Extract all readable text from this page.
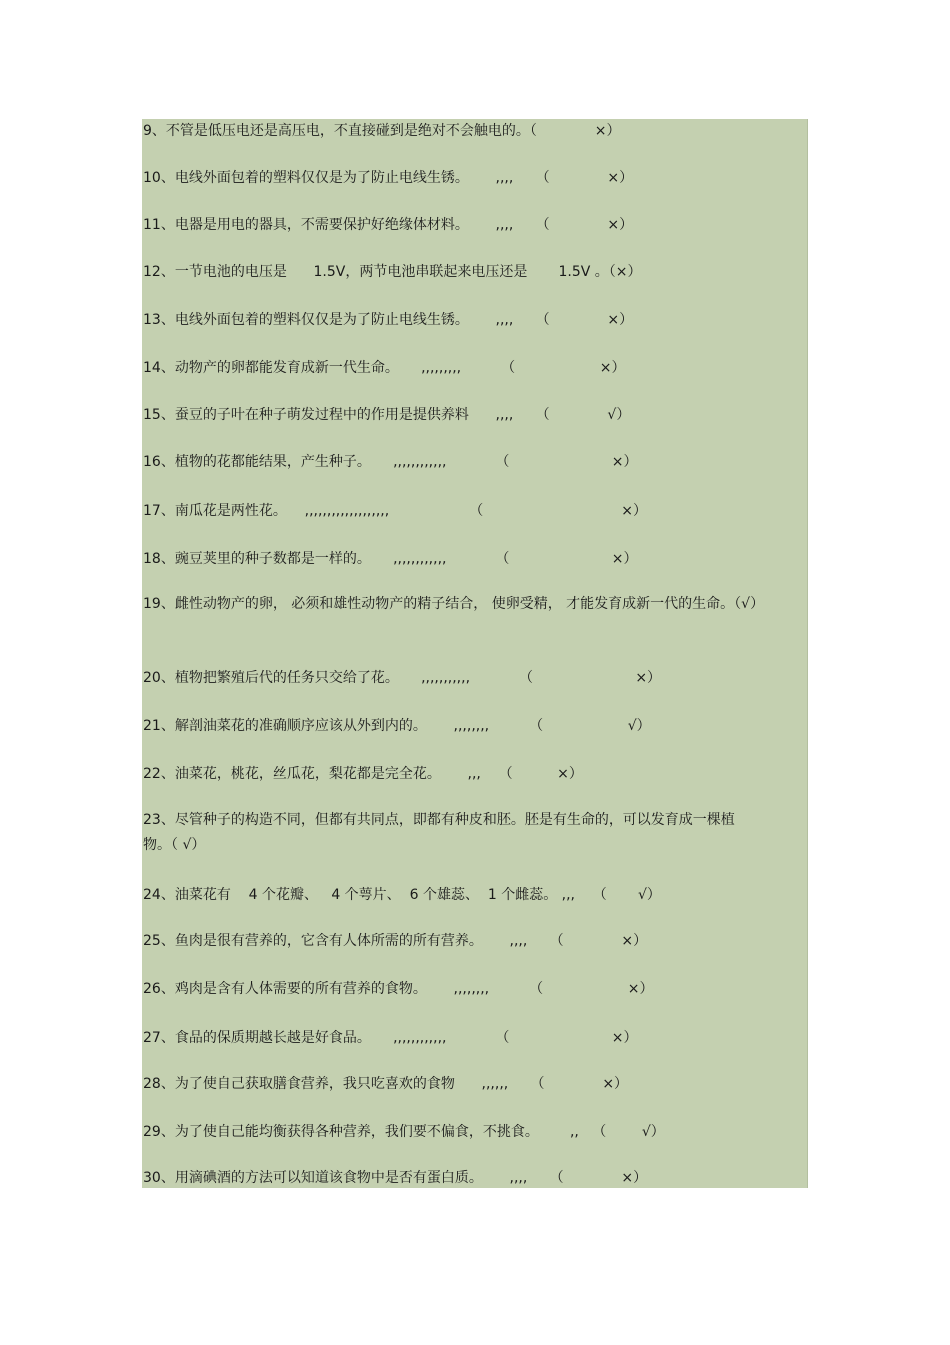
9、不管是低压电还是高压电，不直接碰到是绝对不会触电的。（             ×）

10、电线外面包着的塑料仅仅是为了防止电线生锈。      ,,,,     （             ×）

11、电器是用电的器具，不需要保护好绝缘体材料。      ,,,,     （             ×）

12、一节电池的电压是      1.5V，两节电池串联起来电压还是       1.5V 。（×）

13、电线外面包着的塑料仅仅是为了防止电线生锈。      ,,,,     （             ×）

14、动物产的卵都能发育成新一代生命。     ,,,,,,,,,         （                   ×）

15、蚕豆的子叶在种子萌发过程中的作用是提供养料      ,,,,     （             √）

16、植物的花都能结果，产生种子。     ,,,,,,,,,,,,           （                       ×）

17、南瓜花是两性花。    ,,,,,,,,,,,,,,,,,,,                  （                               ×）

18、豌豆荚里的种子数都是一样的。     ,,,,,,,,,,,,           （                       ×）

19、雌性动物产的卵， 必须和雄性动物产的精子结合， 使卵受精， 才能发育成新一代的生命。（√）

20、植物把繁殖后代的任务只交给了花。     ,,,,,,,,,,,           （                       ×）

21、解剖油菜花的准确顺序应该从外到内的。      ,,,,,,,,         （                   √）

22、油菜花，桃花，丝瓜花，梨花都是完全花。      ,,,    （          ×）

23、尽管种子的构造不同，但都有共同点，即都有种皮和胚。胚是有生命的，可以发育成一棵植物。（ √）

24、油菜花有    4 个花瓣、   4 个萼片、  6 个雄蕊、  1 个雌蕊。 ,,,    （       √）

25、鱼肉是很有营养的，它含有人体所需的所有营养。      ,,,,     （             ×）

26、鸡肉是含有人体需要的所有营养的食物。      ,,,,,,,,         （                   ×）

27、食品的保质期越长越是好食品。     ,,,,,,,,,,,,           （                       ×）

28、为了使自己获取膳食营养，我只吃喜欢的食物      ,,,,,,     （             ×）

29、为了使自己能均衡获得各种营养，我们要不偏食，不挑食。       ,,   （        √）

30、用滴碘酒的方法可以知道该食物中是否有蛋白质。      ,,,,     （             ×）
